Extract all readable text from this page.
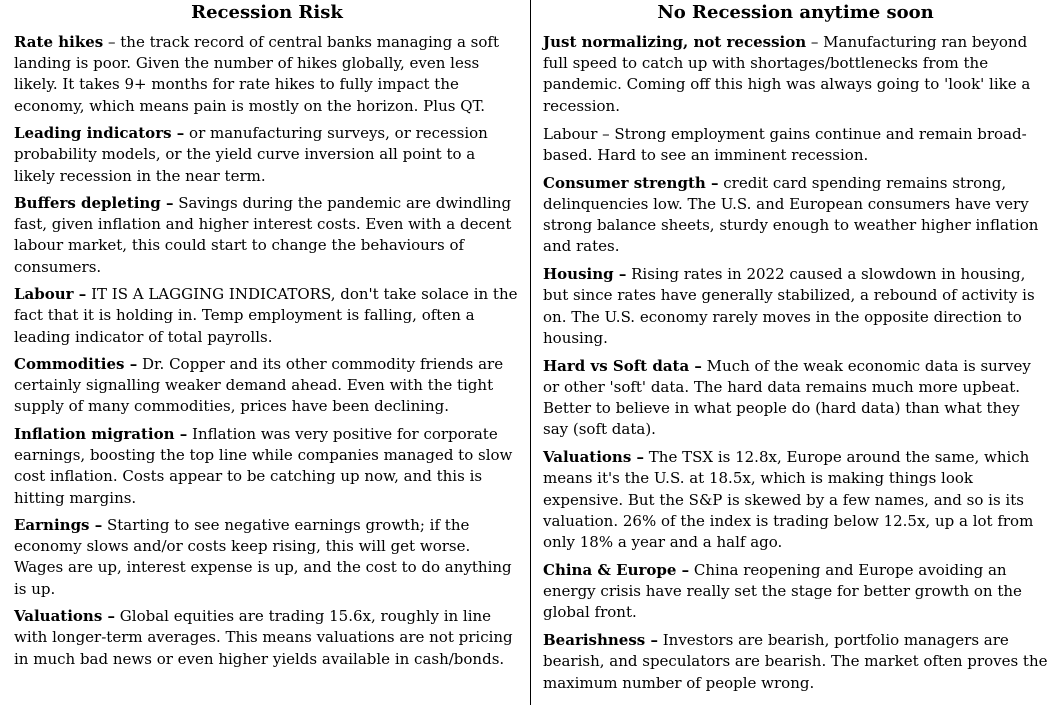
Recession Risk

Rate hikes – the track record of central banks managing a soft landing is poor. Given the number of hikes globally, even less likely. It takes 9+ months for rate hikes to fully impact the economy, which means pain is mostly on the horizon. Plus QT.

Leading indicators – or manufacturing surveys, or recession probability models, or the yield curve inversion all point to a likely recession in the near term.

Buffers depleting – Savings during the pandemic are dwindling fast, given inflation and higher interest costs. Even with a decent labour market, this could start to change the behaviours of consumers.

Labour – IT IS A LAGGING INDICATORS, don't take solace in the fact that it is holding in. Temp employment is falling, often a leading indicator of total payrolls.

Commodities – Dr. Copper and its other commodity friends are certainly signalling weaker demand ahead. Even with the tight supply of many commodities, prices have been declining.

Inflation migration – Inflation was very positive for corporate earnings, boosting the top line while companies managed to slow cost inflation. Costs appear to be catching up now, and this is hitting margins.

Earnings – Starting to see negative earnings growth; if the economy slows and/or costs keep rising, this will get worse. Wages are up, interest expense is up, and the cost to do anything is up.

Valuations – Global equities are trading 15.6x, roughly in line with longer-term averages. This means valuations are not pricing in much bad news or even higher yields available in cash/bonds.

No Recession anytime soon

Just normalizing, not recession – Manufacturing ran beyond full speed to catch up with shortages/bottlenecks from the pandemic. Coming off this high was always going to 'look' like a recession.

Labour – Strong employment gains continue and remain broad-based. Hard to see an imminent recession.

Consumer strength – credit card spending remains strong, delinquencies low. The U.S. and European consumers have very strong balance sheets, sturdy enough to weather higher inflation and rates.

Housing – Rising rates in 2022 caused a slowdown in housing, but since rates have generally stabilized, a rebound of activity is on. The U.S. economy rarely moves in the opposite direction to housing.

Hard vs Soft data – Much of the weak economic data is survey or other 'soft' data. The hard data remains much more upbeat. Better to believe in what people do (hard data) than what they say (soft data).

Valuations – The TSX is 12.8x, Europe around the same, which means it's the U.S. at 18.5x, which is making things look expensive. But the S&P is skewed by a few names, and so is its valuation. 26% of the index is trading below 12.5x, up a lot from only 18% a year and a half ago.

China & Europe – China reopening and Europe avoiding an energy crisis have really set the stage for better growth on the global front.

Bearishness – Investors are bearish, portfolio managers are bearish, and speculators are bearish. The market often proves the maximum number of people wrong.
